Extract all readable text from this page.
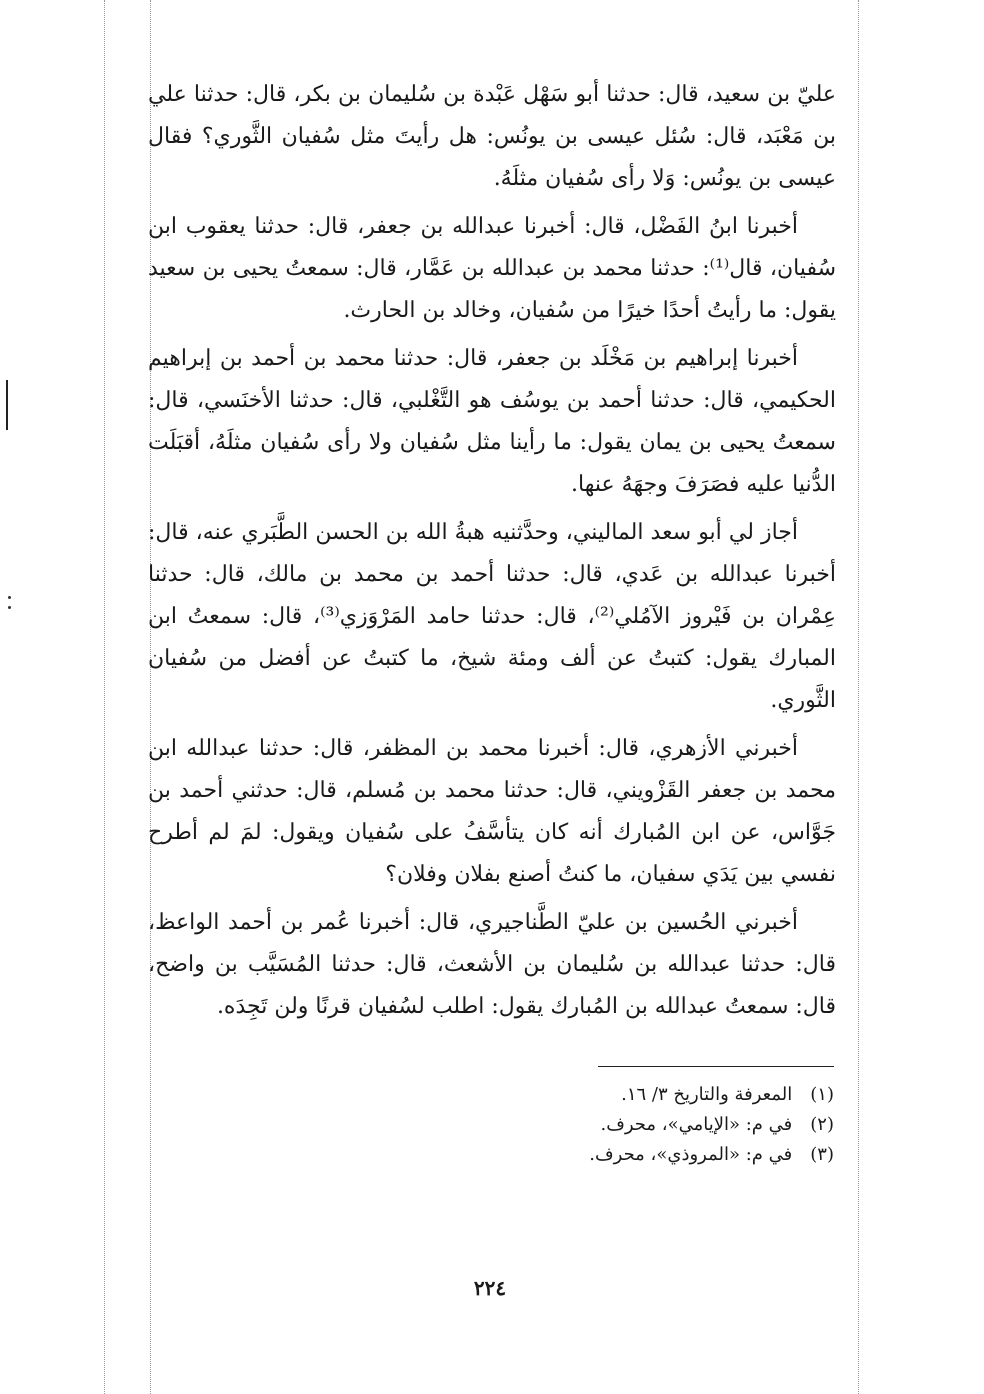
عليّ بن سعيد، قال: حدثنا أبو سَهْل عَبْدة بن سُليمان بن بكر، قال: حدثنا علي بن مَعْبَد، قال: سُئل عيسى بن يونُس: هل رأيتَ مثل سُفيان الثَّوري؟ فقال عيسى بن يونُس: وَلا رأى سُفيان مثلَهُ.

أخبرنا ابنُ الفَضْل، قال: أخبرنا عبدالله بن جعفر، قال: حدثنا يعقوب ابن سُفيان، قال⁽¹⁾: حدثنا محمد بن عبدالله بن عَمَّار، قال: سمعتُ يحيى بن سعيد يقول: ما رأيتُ أحدًا خيرًا من سُفيان، وخالد بن الحارث.

أخبرنا إبراهيم بن مَخْلَد بن جعفر، قال: حدثنا محمد بن أحمد بن إبراهيم الحكيمي، قال: حدثنا أحمد بن يوسُف هو التَّغْلبي، قال: حدثنا الأخنَسي، قال: سمعتُ يحيى بن يمان يقول: ما رأينا مثل سُفيان ولا رأى سُفيان مثلَهُ، أقبَلَت الدُّنيا عليه فصَرَفَ وجهَهُ عنها.

أجاز لي أبو سعد الماليني، وحدَّثنيه هبةُ الله بن الحسن الطَّبَري عنه، قال: أخبرنا عبدالله بن عَدي، قال: حدثنا أحمد بن محمد بن مالك، قال: حدثنا عِمْران بن فَيْروز الآمُلي⁽²⁾، قال: حدثنا حامد المَرْوَزي⁽³⁾، قال: سمعتُ ابن المبارك يقول: كتبتُ عن ألف ومئة شيخ، ما كتبتُ عن أفضل من سُفيان الثَّوري.

أخبرني الأزهري، قال: أخبرنا محمد بن المظفر، قال: حدثنا عبدالله ابن محمد بن جعفر القَزْويني، قال: حدثنا محمد بن مُسلم، قال: حدثني أحمد بن جَوَّاس، عن ابن المُبارك أنه كان يتأسَّفُ على سُفيان ويقول: لمَ لم أطرح نفسي بين يَدَي سفيان، ما كنتُ أصنع بفلان وفلان؟

أخبرني الحُسين بن عليّ الطَّناجيري، قال: أخبرنا عُمر بن أحمد الواعظ، قال: حدثنا عبدالله بن سُليمان بن الأشعث، قال: حدثنا المُسَيَّب بن واضح، قال: سمعتُ عبدالله بن المُبارك يقول: اطلب لسُفيان قرنًا ولن تَجِدَه.

(١) المعرفة والتاريخ ٣/ ١٦.
(٢) في م: «الإيامي»، محرف.
(٣) في م: «المروذي»، محرف.
٢٢٤
